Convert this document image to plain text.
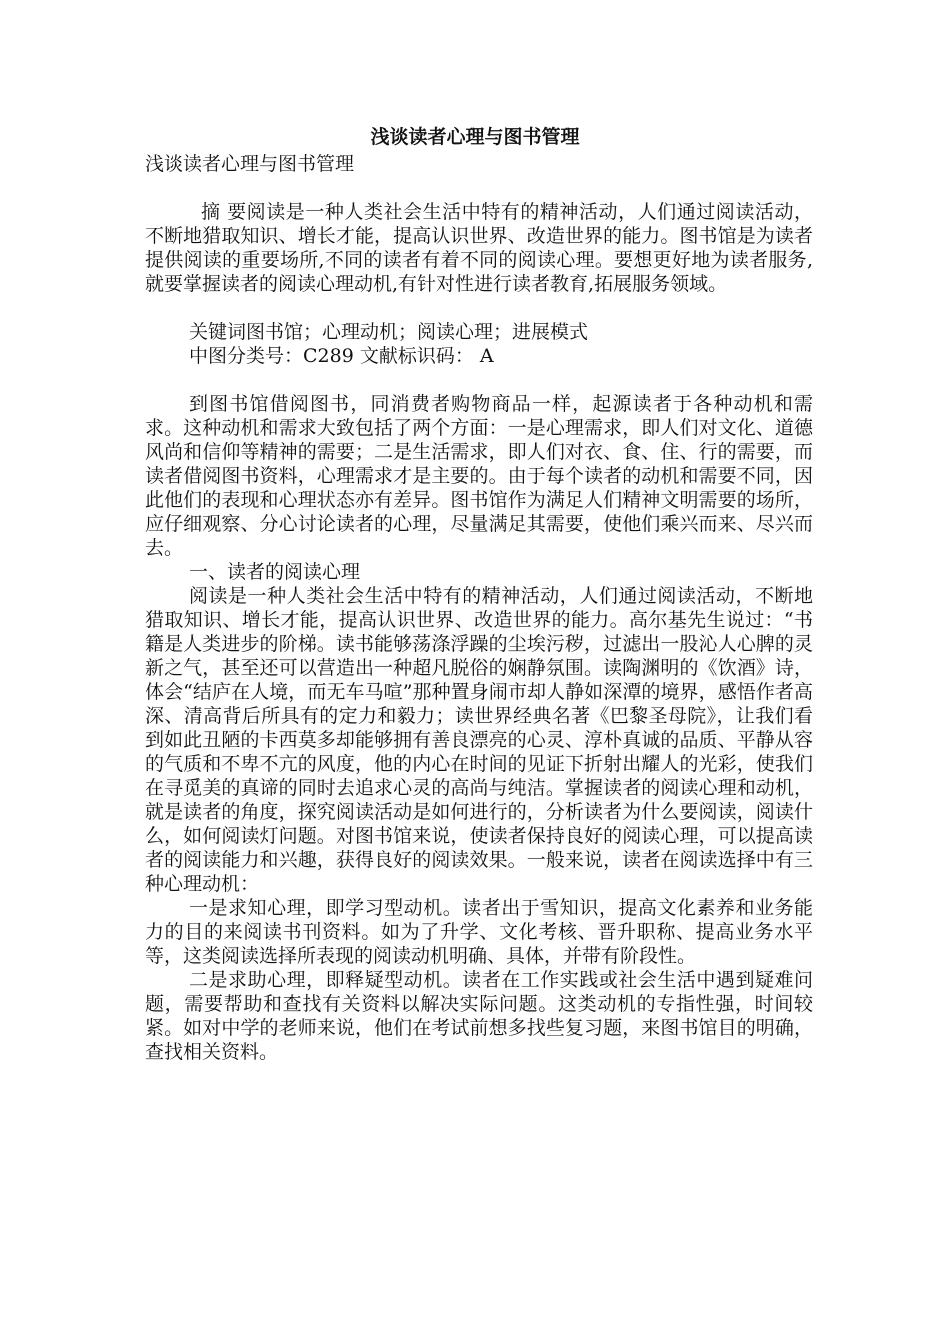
浅谈读者心理与图书管理

浅谈读者心理与图书管理

摘 要阅读是一种人类社会生活中特有的精神活动，人们通过阅读活动，不断地猎取知识、增长才能，提高认识世界、改造世界的能力。图书馆是为读者提供阅读的重要场所,不同的读者有着不同的阅读心理。要想更好地为读者服务,就要掌握读者的阅读心理动机,有针对性进行读者教育,拓展服务领域。

关键词图书馆；心理动机；阅读心理；进展模式

中图分类号：C289 文献标识码： A

到图书馆借阅图书，同消费者购物商品一样，起源读者于各种动机和需求。这种动机和需求大致包括了两个方面：一是心理需求，即人们对文化、道德风尚和信仰等精神的需要；二是生活需求，即人们对衣、食、住、行的需要，而读者借阅图书资料，心理需求才是主要的。由于每个读者的动机和需要不同，因此他们的表现和心理状态亦有差异。图书馆作为满足人们精神文明需要的场所，应仔细观察、分心讨论读者的心理，尽量满足其需要，使他们乘兴而来、尽兴而去。

一、读者的阅读心理

阅读是一种人类社会生活中特有的精神活动，人们通过阅读活动，不断地猎取知识、增长才能，提高认识世界、改造世界的能力。高尔基先生说过：“书籍是人类进步的阶梯。读书能够荡涤浮躁的尘埃污秽，过滤出一股沁人心脾的灵新之气，甚至还可以营造出一种超凡脱俗的娴静氛围。读陶渊明的《饮酒》诗，体会“结庐在人境，而无车马喧”那种置身闹市却人静如深潭的境界，感悟作者高深、清高背后所具有的定力和毅力；读世界经典名著《巴黎圣母院》，让我们看到如此丑陋的卡西莫多却能够拥有善良漂亮的心灵、淳朴真诚的品质、平静从容的气质和不卑不亢的风度，他的内心在时间的见证下折射出耀人的光彩，使我们在寻觅美的真谛的同时去追求心灵的高尚与纯洁。掌握读者的阅读心理和动机，就是读者的角度，探究阅读活动是如何进行的，分析读者为什么要阅读，阅读什么，如何阅读灯问题。对图书馆来说，使读者保持良好的阅读心理，可以提高读者的阅读能力和兴趣，获得良好的阅读效果。一般来说，读者在阅读选择中有三种心理动机：

一是求知心理，即学习型动机。读者出于雪知识，提高文化素养和业务能力的目的来阅读书刊资料。如为了升学、文化考核、晋升职称、提高业务水平等，这类阅读选择所表现的阅读动机明确、具体，并带有阶段性。

二是求助心理，即释疑型动机。读者在工作实践或社会生活中遇到疑难问题，需要帮助和查找有关资料以解决实际问题。这类动机的专指性强，时间较紧。如对中学的老师来说，他们在考试前想多找些复习题，来图书馆目的明确，查找相关资料。
